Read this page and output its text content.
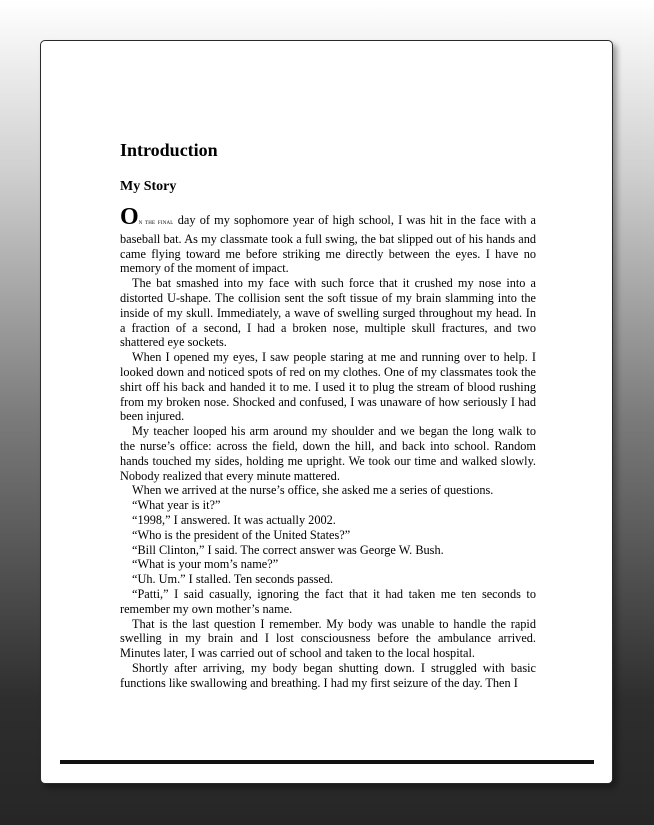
Introduction
My Story

ON THE FINAL day of my sophomore year of high school, I was hit in the face with a baseball bat. As my classmate took a full swing, the bat slipped out of his hands and came flying toward me before striking me directly between the eyes. I have no memory of the moment of impact.

The bat smashed into my face with such force that it crushed my nose into a distorted U-shape. The collision sent the soft tissue of my brain slamming into the inside of my skull. Immediately, a wave of swelling surged throughout my head. In a fraction of a second, I had a broken nose, multiple skull fractures, and two shattered eye sockets.

When I opened my eyes, I saw people staring at me and running over to help. I looked down and noticed spots of red on my clothes. One of my classmates took the shirt off his back and handed it to me. I used it to plug the stream of blood rushing from my broken nose. Shocked and confused, I was unaware of how seriously I had been injured.

My teacher looped his arm around my shoulder and we began the long walk to the nurse’s office: across the field, down the hill, and back into school. Random hands touched my sides, holding me upright. We took our time and walked slowly. Nobody realized that every minute mattered.

When we arrived at the nurse’s office, she asked me a series of questions.

“What year is it?”

“1998,” I answered. It was actually 2002.

“Who is the president of the United States?”

“Bill Clinton,” I said. The correct answer was George W. Bush.

“What is your mom’s name?”

“Uh. Um.” I stalled. Ten seconds passed.

“Patti,” I said casually, ignoring the fact that it had taken me ten seconds to remember my own mother’s name.

That is the last question I remember. My body was unable to handle the rapid swelling in my brain and I lost consciousness before the ambulance arrived. Minutes later, I was carried out of school and taken to the local hospital.

Shortly after arriving, my body began shutting down. I struggled with basic functions like swallowing and breathing. I had my first seizure of the day. Then I
